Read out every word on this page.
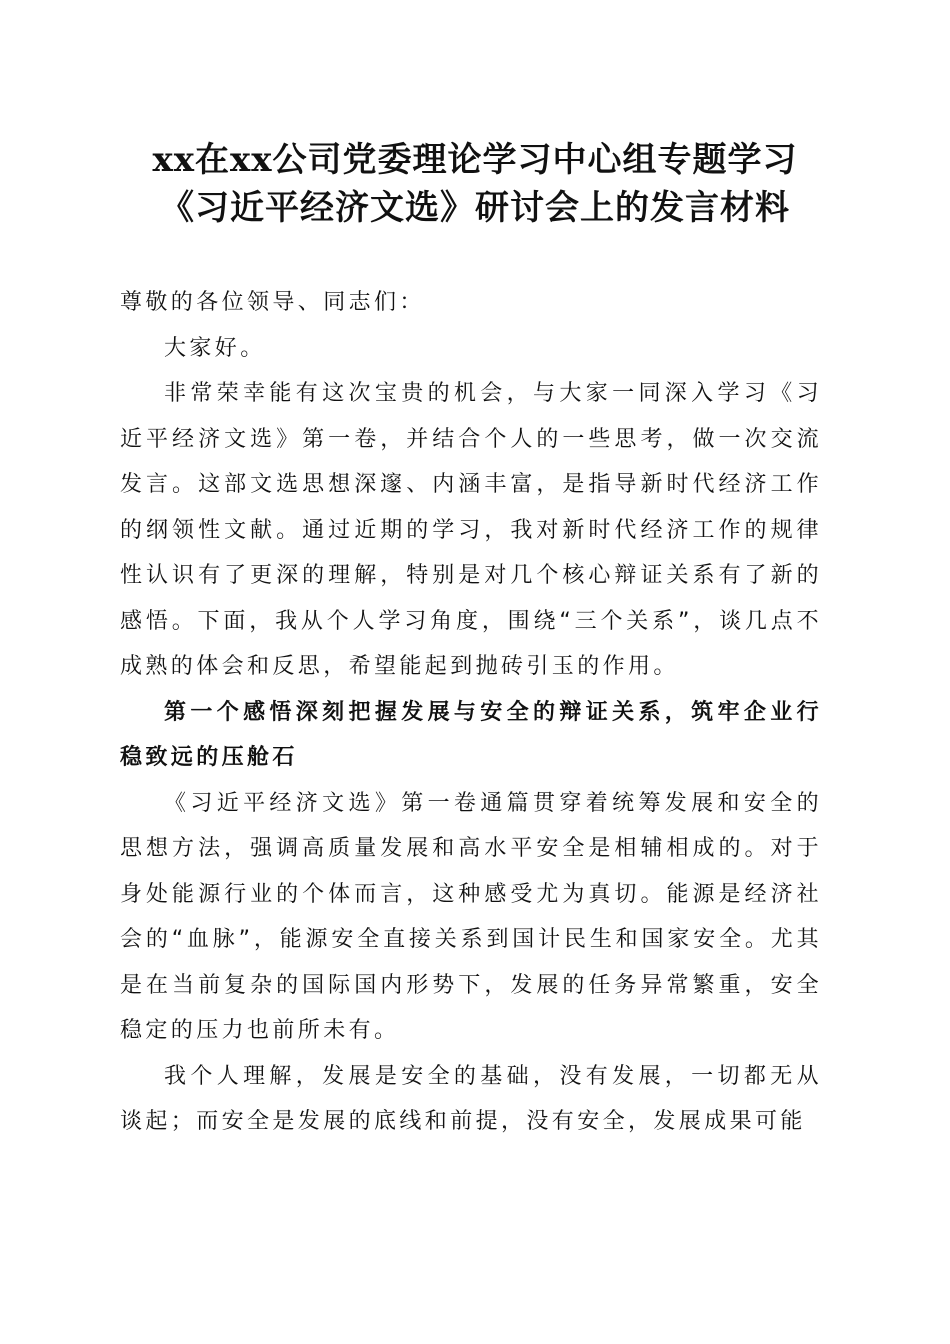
xx在xx公司党委理论学习中心组专题学习
《习近平经济文选》研讨会上的发言材料

尊敬的各位领导、同志们：

大家好。

非常荣幸能有这次宝贵的机会，与大家一同深入学习《习近平经济文选》第一卷，并结合个人的一些思考，做一次交流发言。这部文选思想深邃、内涵丰富，是指导新时代经济工作的纲领性文献。通过近期的学习，我对新时代经济工作的规律性认识有了更深的理解，特别是对几个核心辩证关系有了新的感悟。下面，我从个人学习角度，围绕“三个关系”，谈几点不成熟的体会和反思，希望能起到抛砖引玉的作用。

第一个感悟深刻把握发展与安全的辩证关系，筑牢企业行稳致远的压舱石

《习近平经济文选》第一卷通篇贯穿着统筹发展和安全的思想方法，强调高质量发展和高水平安全是相辅相成的。对于身处能源行业的个体而言，这种感受尤为真切。能源是经济社会的“血脉”，能源安全直接关系到国计民生和国家安全。尤其是在当前复杂的国际国内形势下，发展的任务异常繁重，安全稳定的压力也前所未有。

我个人理解，发展是安全的基础，没有发展，一切都无从谈起；而安全是发展的底线和前提，没有安全，发展成果可能
